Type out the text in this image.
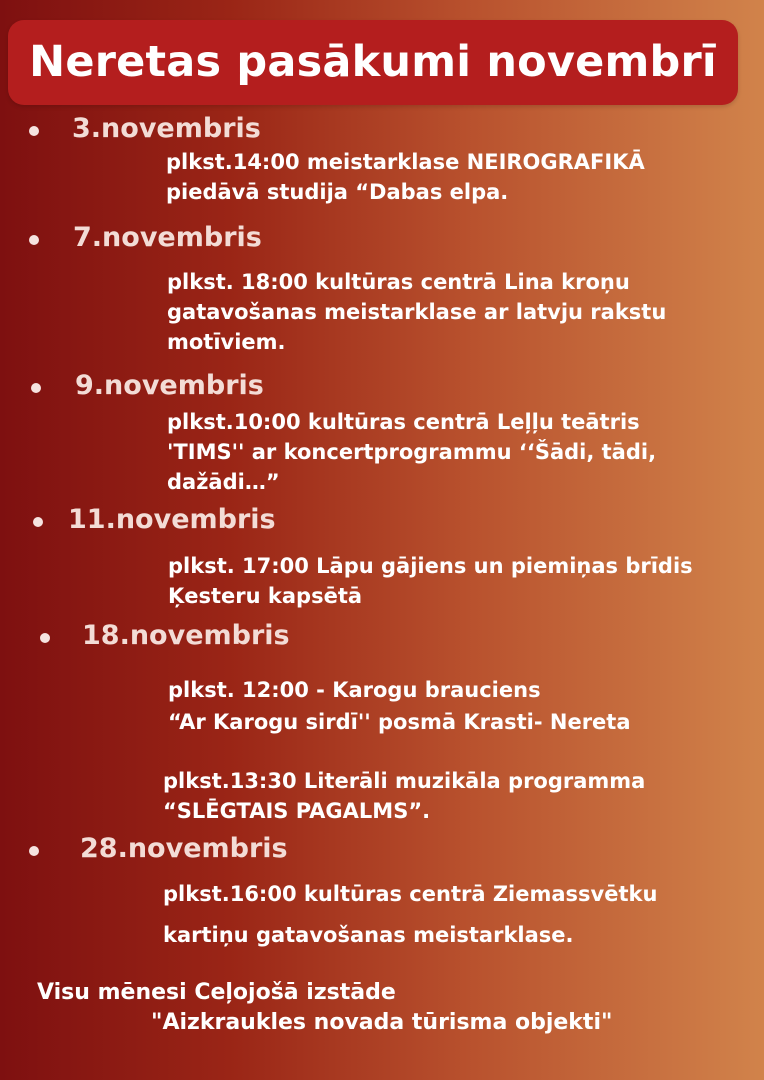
Neretas pasākumi novembrī
3.novembris
plkst.14:00 meistarklase NEIROGRAFIKĀ
piedāvā studija “Dabas elpa.
7.novembris
plkst. 18:00 kultūras centrā Lina kroņu
gatavošanas meistarklase ar latvju rakstu
motīviem.
9.novembris
plkst.10:00 kultūras centrā Leļļu teātris
'TIMS'' ar koncertprogrammu ‘‘Šādi, tādi,
dažādi…”
11.novembris
plkst. 17:00 Lāpu gājiens un piemiņas brīdis
Ķesteru kapsētā
18.novembris
plkst. 12:00 - Karogu brauciens
“Ar Karogu sirdī'' posmā Krasti- Nereta
plkst.13:30 Literāli muzikāla programma
“SLĒGTAIS PAGALMS”.
28.novembris
plkst.16:00 kultūras centrā Ziemassvētku
kartiņu gatavošanas meistarklase.
Visu mēnesi Ceļojošā izstāde
"Aizkraukles novada tūrisma objekti"
